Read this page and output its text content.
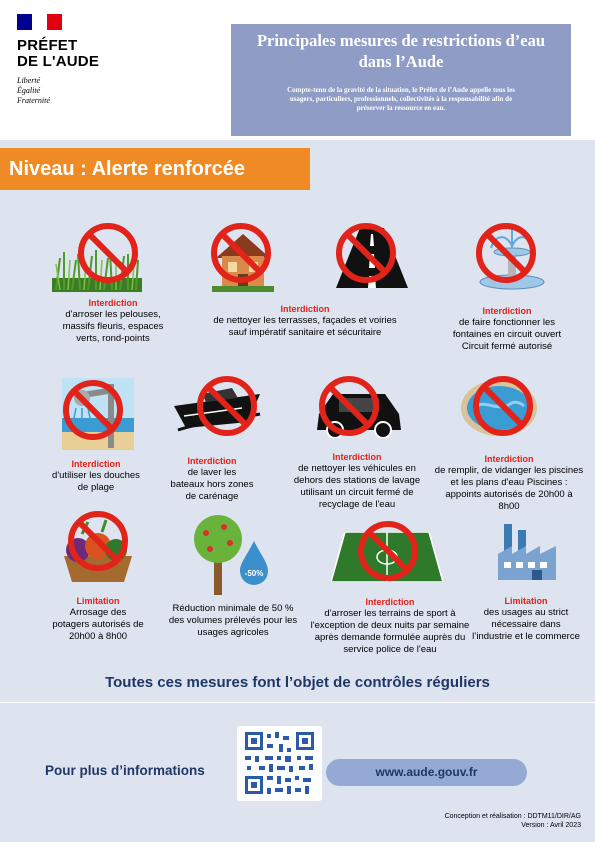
PRÉFET
DE L'AUDE
Liberté
Égalité
Fraternité
Principales mesures de restrictions d’eau dans l’Aude

Compte-tenu de la gravité de la situation, le Préfet de l’Aude appelle tous les usagers, particuliers, professionnels, collectivités à la responsabilité afin de préserver la ressource en eau.

Niveau : Alerte renforcée
Interdiction
d'arroser les pelouses, massifs fleuris, espaces verts, rond-points
Interdiction
de nettoyer les terrasses, façades et voiries sauf impératif sanitaire et sécuritaire
Interdiction
de faire fonctionner les fontaines en circuit ouvert Circuit fermé autorisé
Interdiction
d'utiliser les douches de plage
Interdiction
de laver les bateaux hors zones de carénage
Interdiction
de nettoyer les véhicules en dehors des stations de lavage utilisant un circuit fermé de recyclage de l'eau
Interdiction
de remplir, de vidanger les piscines et les plans d'eau Piscines : appoints autorisés de 20h00 à 8h00
-50%
Limitation
Arrosage des potagers autorisés de 20h00 à 8h00
Réduction minimale de 50 % des volumes prélevés pour les usages agricoles
Interdiction
d'arroser les terrains de sport à l'exception de deux nuits par semaine après demande formulée auprès du service police de l'eau
Limitation
des usages au strict nécessaire dans l’industrie et le commerce
Toutes ces mesures font l’objet de contrôles réguliers
Pour plus d’informations	www.aude.gouv.fr
Conception et réalisation : DDTM11/DIR/AG
Version : Avril 2023
